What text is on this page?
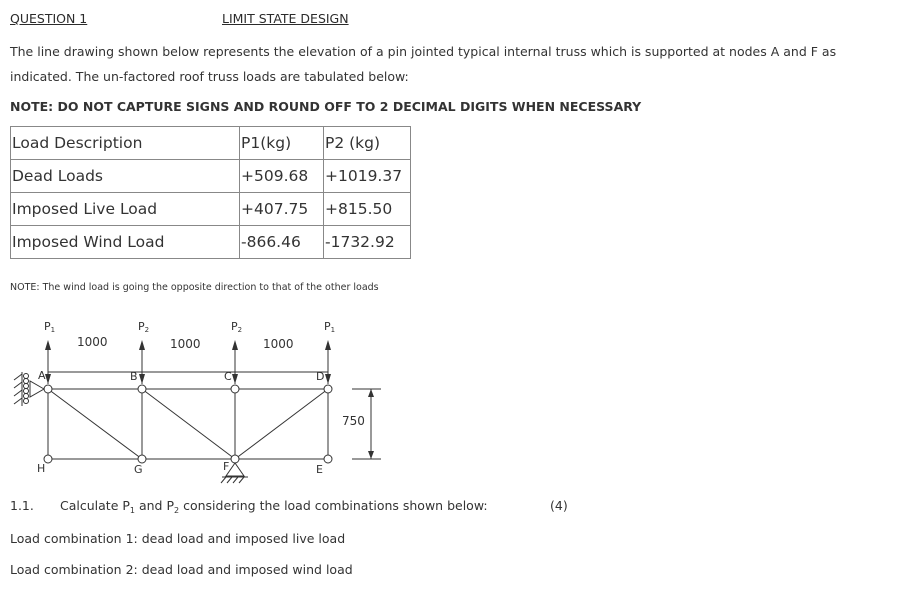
QUESTION 1	LIMIT STATE DESIGN
The line drawing shown below represents the elevation of a pin jointed typical internal truss which is supported at nodes A and F as
indicated. The un-factored roof truss loads are tabulated below:
NOTE: DO NOT CAPTURE SIGNS AND ROUND OFF TO 2 DECIMAL DIGITS WHEN NECESSARY
Load Description	P1(kg)	P2 (kg)
Dead Loads	+509.68	+1019.37
Imposed Live Load	+407.75	+815.50
Imposed Wind Load	-866.46	-1732.92
NOTE: The wind load is going the opposite direction to that of the other loads
P1	P2	P2	P1
1000	1000	1000
750
A	B	C	D
E
F
G
H
1.1. Calculate $P_1$ and $P_2$ considering the load combinations shown below:	(4)
Load combination 1: dead load and imposed live load
Load combination 2: dead load and imposed wind load
